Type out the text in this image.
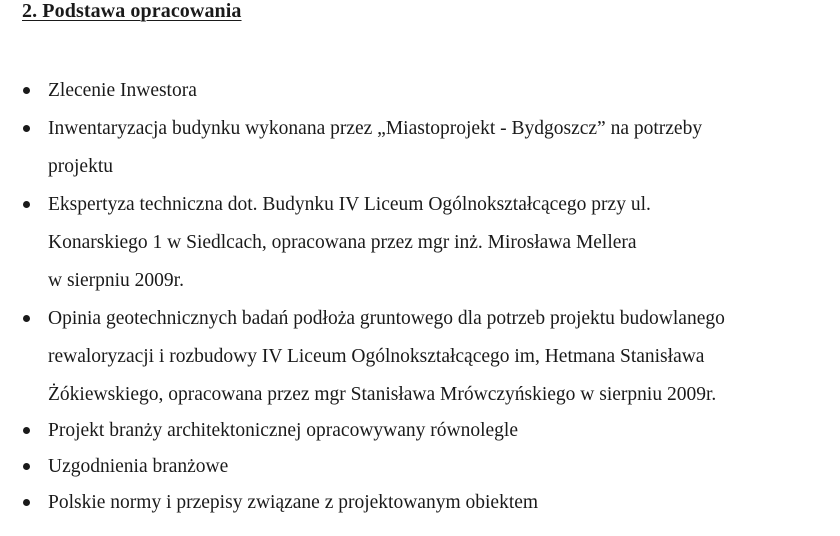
2. Podstawa opracowania
Zlecenie Inwestora
Inwentaryzacja budynku wykonana przez „Miastoprojekt - Bydgoszcz” na potrzeby
projektu
Ekspertyza techniczna dot. Budynku IV Liceum Ogólnokształcącego przy ul.
Konarskiego 1 w Siedlcach, opracowana przez mgr inż. Mirosława Mellera
w sierpniu 2009r.
Opinia geotechnicznych badań podłoża gruntowego dla potrzeb projektu budowlanego
rewaloryzacji i rozbudowy IV Liceum Ogólnokształcącego im, Hetmana Stanisława
Żókiewskiego, opracowana przez mgr Stanisława Mrówczyńskiego w sierpniu 2009r.
Projekt branży architektonicznej opracowywany równolegle
Uzgodnienia branżowe
Polskie normy i przepisy związane z projektowanym obiektem
